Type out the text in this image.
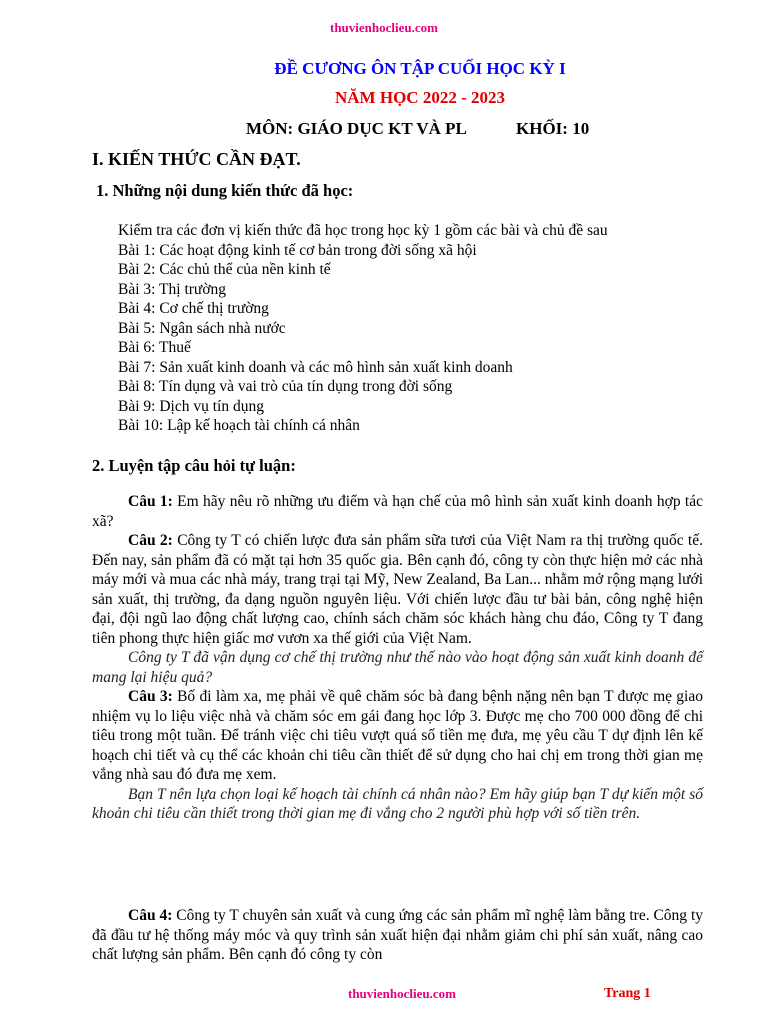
thuvienhoclieu.com
ĐỀ CƯƠNG ÔN TẬP CUỐI HỌC KỲ I
NĂM HỌC 2022 - 2023
MÔN: GIÁO DỤC KT VÀ PL	KHỐI: 10
I. KIẾN THỨC CẦN ĐẠT.
1. Những nội dung kiến thức đã học:
Kiểm tra các đơn vị kiến thức đã học trong học kỳ 1 gồm các bài và chủ đề sau
Bài 1: Các hoạt động kinh tế cơ bản trong đời sống xã hội
Bài 2: Các chủ thể của nền kinh tế
Bài 3: Thị trường
Bài 4: Cơ chế thị trường
Bài 5: Ngân sách nhà nước
Bài 6: Thuế
Bài 7: Sản xuất kinh doanh và các mô hình sản xuất kinh doanh
Bài 8: Tín dụng và vai trò của tín dụng trong đời sống
Bài 9: Dịch vụ tín dụng
Bài 10: Lập kế hoạch tài chính cá nhân
2. Luyện tập câu hỏi tự luận:

Câu 1: Em hãy nêu rõ những ưu điểm và hạn chế của mô hình sản xuất kinh doanh hợp tác xã?

Câu 2: Công ty T có chiến lược đưa sản phẩm sữa tươi của Việt Nam ra thị trường quốc tế. Đến nay, sản phẩm đã có mặt tại hơn 35 quốc gia. Bên cạnh đó, công ty còn thực hiện mở các nhà máy mới và mua các nhà máy, trang trại tại Mỹ, New Zealand, Ba Lan... nhằm mở rộng mạng lưới sản xuất, thị trường, đa dạng nguồn nguyên liệu. Với chiến lược đầu tư bài bản, công nghệ hiện đại, đội ngũ lao động chất lượng cao, chính sách chăm sóc khách hàng chu đáo, Công ty T đang tiên phong thực hiện giấc mơ vươn xa thế giới của Việt Nam.

Công ty T đã vận dụng cơ chế thị trường như thế nào vào hoạt động sản xuất kinh doanh để mang lại hiệu quả?

Câu 3: Bố đi làm xa, mẹ phải về quê chăm sóc bà đang bệnh nặng nên bạn T được mẹ giao nhiệm vụ lo liệu việc nhà và chăm sóc em gái đang học lớp 3. Được mẹ cho 700 000 đồng để chi tiêu trong một tuần. Để tránh việc chi tiêu vượt quá số tiền mẹ đưa, mẹ yêu cầu T dự định lên kế hoạch chi tiết và cụ thể các khoản chi tiêu cần thiết để sử dụng cho hai chị em trong thời gian mẹ vắng nhà sau đó đưa mẹ xem.

Bạn T nên lựa chọn loại kế hoạch tài chính cá nhân nào? Em hãy giúp bạn T dự kiến một số khoản chi tiêu cần thiết trong thời gian mẹ đi vắng cho 2 người phù hợp với số tiền trên.

Câu 4: Công ty T chuyên sản xuất và cung ứng các sản phẩm mĩ nghệ làm bằng tre. Công ty đã đầu tư hệ thống máy móc và quy trình sản xuất hiện đại nhằm giảm chi phí sản xuất, nâng cao chất lượng sản phẩm. Bên cạnh đó công ty còn

thuvienhoclieu.com	Trang 1
